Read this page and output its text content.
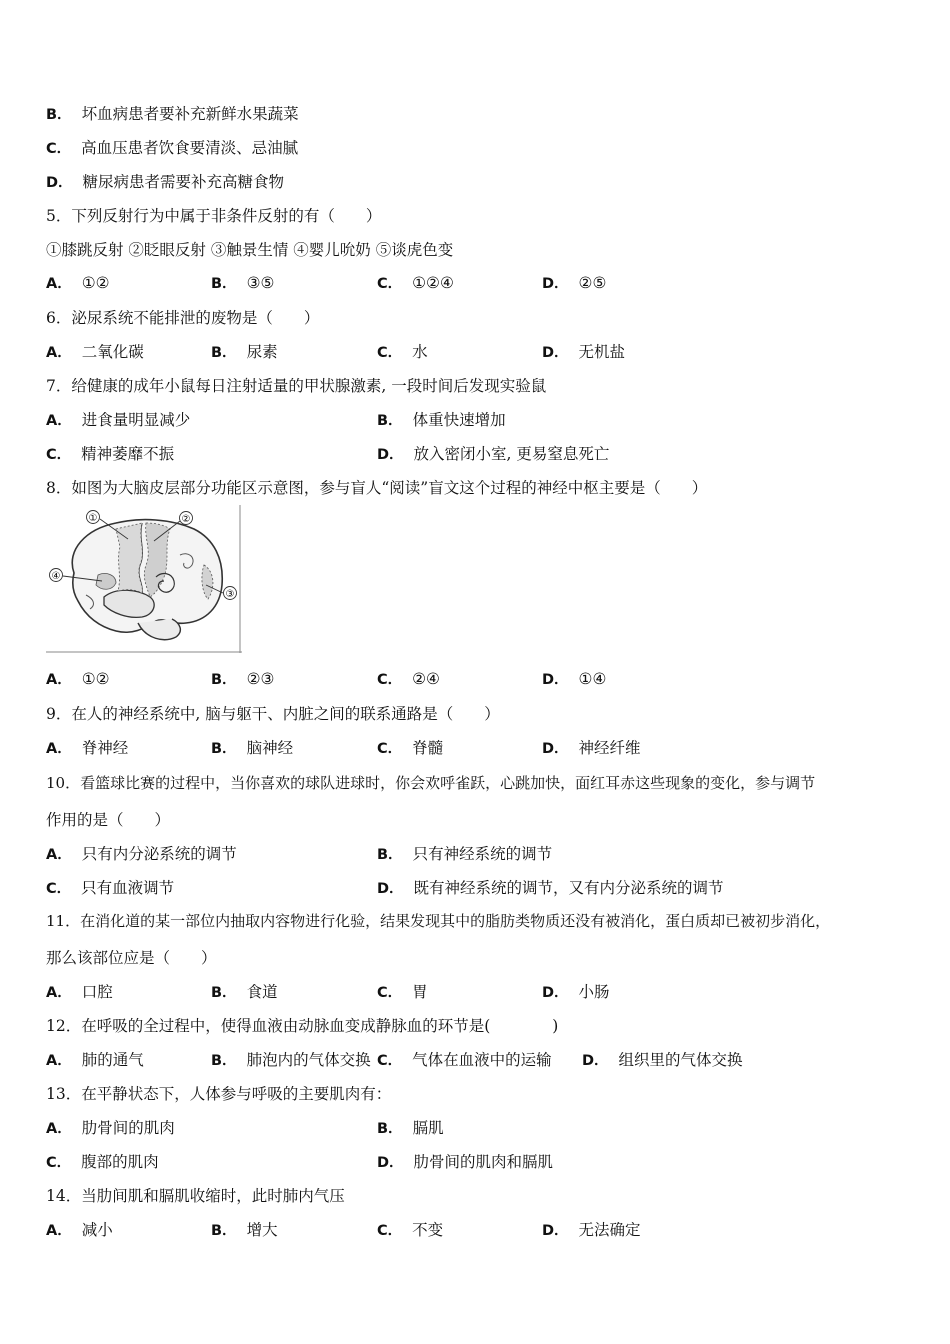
B． 坏血病患者要补充新鲜水果蔬菜
C． 高血压患者饮食要清淡、忌油腻
D． 糖尿病患者需要补充高糖食物
5．下列反射行为中属于非条件反射的有（　　）
①膝跳反射 ②眨眼反射 ③触景生情 ④婴儿吮奶 ⑤谈虎色变
A． ①②	B． ③⑤	C． ①②④	D． ②⑤
6．泌尿系统不能排泄的废物是（　　）
A． 二氧化碳	B． 尿素	C． 水	D． 无机盐
7．给健康的成年小鼠每日注射适量的甲状腺激素, 一段时间后发现实验鼠
A． 进食量明显减少	B． 体重快速增加
C． 精神萎靡不振	D． 放入密闭小室, 更易窒息死亡
8．如图为大脑皮层部分功能区示意图，参与盲人“阅读”盲文这个过程的神经中枢主要是（　　）
①	②
③
④
A． ①②	B． ②③	C． ②④	D． ①④
9．在人的神经系统中, 脑与躯干、内脏之间的联系通路是（　　）
A． 脊神经	B． 脑神经	C． 脊髓	D． 神经纤维
10．看篮球比赛的过程中，当你喜欢的球队进球时，你会欢呼雀跃，心跳加快，面红耳赤这些现象的变化，参与调节
作用的是（　　）
A． 只有内分泌系统的调节	B． 只有神经系统的调节
C． 只有血液调节	D． 既有神经系统的调节，又有内分泌系统的调节
11．在消化道的某一部位内抽取内容物进行化验，结果发现其中的脂肪类物质还没有被消化，蛋白质却已被初步消化，
那么该部位应是（　　）
A． 口腔	B． 食道	C． 胃	D． 小肠
12．在呼吸的全过程中，使得血液由动脉血变成静脉血的环节是(　　　　)
A． 肺的通气	B． 肺泡内的气体交换 C． 气体在血液中的运输 D． 组织里的气体交换
13．在平静状态下，人体参与呼吸的主要肌肉有：
A． 肋骨间的肌肉	B． 膈肌
C． 腹部的肌肉	D． 肋骨间的肌肉和膈肌
14．当肋间肌和膈肌收缩时，此时肺内气压
A． 减小	B． 增大	C． 不变	D． 无法确定
